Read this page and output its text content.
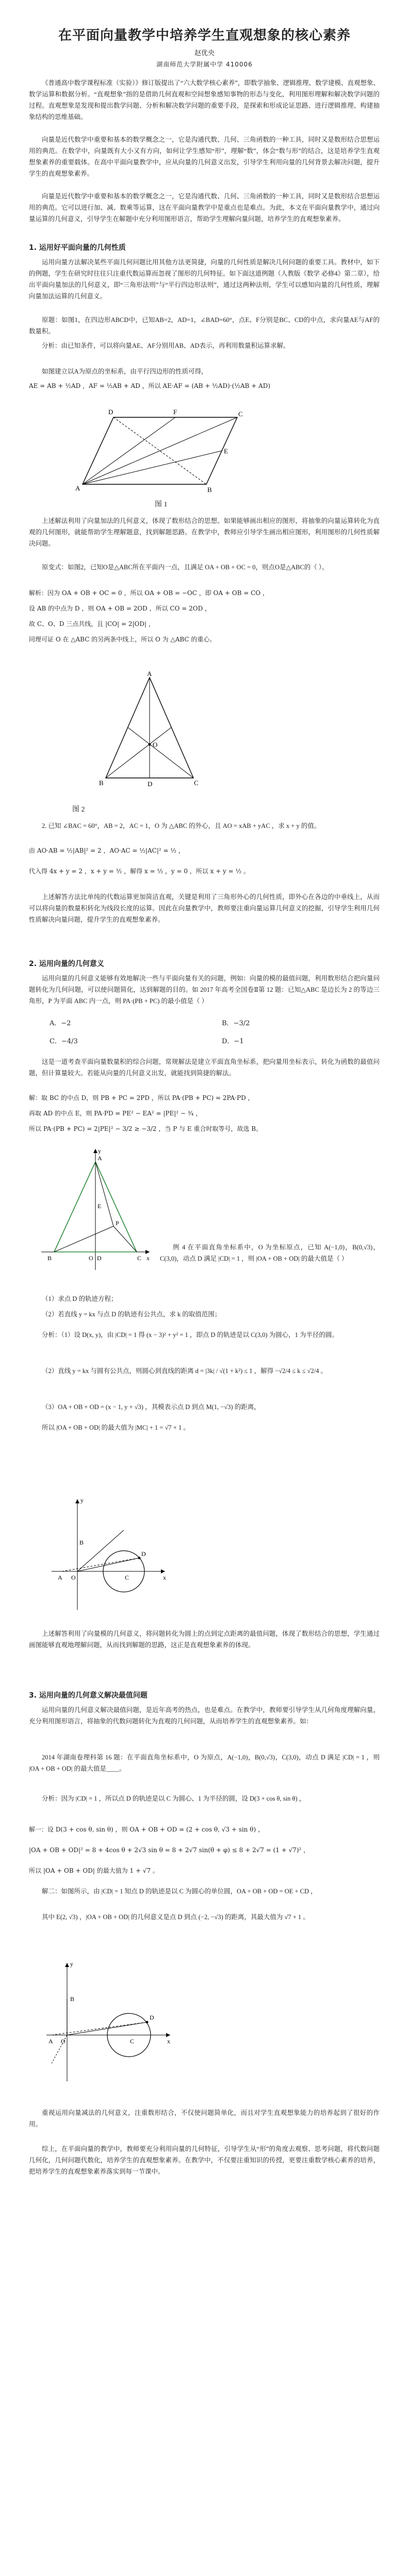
在平面向量教学中培养学生直观想象的核心素养
赵优央
湖南师范大学附属中学 410006
《普通高中数学课程标准（实验）》修订版提出了“六大数学核心素养”，即数学抽象、逻辑推理、数学建模、直观想象、数学运算和数据分析。“直观想象”指的是借助几何直观和空间想象感知事物的形态与变化，利用图形理解和解决数学问题的过程。直观想象是发现和提出数学问题、分析和解决数学问题的重要手段，是探索和形成论证思路、进行逻辑推理、构建抽象结构的思维基础。
向量是近代数学中重要和基本的数学概念之一，它是沟通代数、几何、三角函数的一种工具，同时又是数形结合思想运用的典范。在数学中，向量既有大小又有方向，如何让学生感知“形”，理解“数”，体会“数与形”的结合，这是培养学生直观想象素养的重要载体。在高中平面向量教学中，应从向量的几何意义出发，引导学生利用向量的几何背景去解决问题，提升学生的直观想象素养。
向量是近代数学中重要和基本的数学概念之一，它是沟通代数、几何、三角函数的一种工具，同时又是数形结合思想运用的典范。它可以进行加、减、数乘等运算，这在平面向量教学中是重点也是难点。为此，本文在平面向量教学中，通过向量运算的几何意义，引导学生在解题中充分利用图形语言，帮助学生理解向量问题，培养学生的直观想象素养。
1. 运用好平面向量的几何性质
运用向量方法解决某些平面几何问题比用其他方法更简捷，向量的几何性质是解决几何问题的重要工具。教材中，如下的例题，学生在研究时往往只注重代数运算而忽视了图形的几何特征。如下面这道例题（人教版《数学 必修4》第二章），给出平面向量加法的几何意义，即“三角形法则”与“平行四边形法则”，通过这两种法则，学生可以感知向量的几何性质，理解向量加法运算的几何意义。
原题：如图1，在四边形ABCD中，已知AB=2，AD=1，∠BAD=60°，点E、F分别是BC、CD的中点，求向量AE与AF的数量积。
分析：由已知条件，可以将向量AE、AF分别用AB、AD表示，再利用数量积运算求解。
如图建立以A为原点的坐标系，由平行四边形的性质可得，
AE = AB + ½AD ，AF = ½AB + AD ，所以 AE·AF = (AB + ½AD)·(½AB + AD)
A	B
C
D
E
F
图 1
上述解法利用了向量加法的几何意义，体现了数形结合的思想。如果能够画出相应的图形，将抽象的向量运算转化为直观的几何图形，就能帮助学生理解题意，找到解题思路。在教学中，教师应引导学生画出相应图形，利用图形的几何性质解决问题。
原变式：如图2，已知O是△ABC所在平面内一点，且满足 OA + OB + OC = 0，则点O是△ABC的（ ）。
解析：因为 OA + OB + OC = 0 ，所以 OA + OB = −OC ，即 OA + OB = CO ，
设 AB 的中点为 D ，则 OA + OB = 2OD ，所以 CO = 2OD ，
故 C、O、D 三点共线，且 |CO| = 2|OD| ，
同理可证 O 在 △ABC 的另两条中线上，所以 O 为 △ABC 的重心。
A
B	C
O
D
图 2
2. 已知 ∠BAC = 60°，AB = 2，AC = 1，O 为 △ABC 的外心，且 AO = xAB + yAC ，求 x + y 的值。
由 AO·AB = ½|AB|² = 2 ，AO·AC = ½|AC|² = ½ ，
代入得 4x + y = 2 ，x + y = ½ ，解得 x = ½ ，y = 0 ，所以 x + y = ½ 。
上述解答方法比单纯的代数运算更加简洁直观，关键是利用了三角形外心的几何性质，即外心在各边的中垂线上，从而可以将向量的数量积转化为线段长度的运算。因此在向量教学中，教师要注重向量运算几何意义的挖掘，引导学生利用几何性质解决向量问题，提升学生的直观想象素养。
2. 运用向量的几何意义
运用向量的几何意义能够有效地解决一些与平面向量有关的问题，例如：向量的模的最值问题，利用数形结合把向量问题转化为几何问题，可以使问题简化，达到解题的目的。如 2017 年高考全国卷Ⅱ第 12 题：已知△ABC 是边长为 2 的等边三角形，P 为平面 ABC 内一点，则 PA·(PB + PC) 的最小值是（ ）
A．−2	B．−3/2
C．−4/3	D．−1
这是一道考查平面向量数量积的综合问题，常规解法是建立平面直角坐标系，把向量用坐标表示，转化为函数的最值问题，但计算量较大。若能从向量的几何意义出发，就能找到简捷的解法。
解：取 BC 的中点 D，则 PB + PC = 2PD ，所以 PA·(PB + PC) = 2PA·PD ，
再取 AD 的中点 E，则 PA·PD = PE² − EA² = |PE|² − ¾ ，
所以 PA·(PB + PC) = 2|PE|² − 3/2 ≥ −3/2 ，当 P 与 E 重合时取等号，故选 B。
A
B	C
P
D
E
x
y
O
例 4 在平面直角坐标系中，O 为坐标原点，已知 A(−1,0)，B(0,√3)，C(3,0)，动点 D 满足 |CD| = 1 ，则 |OA + OB + OD| 的最大值是（ ）
（1）求点 D 的轨迹方程；
（2）若直线 y = kx 与点 D 的轨迹有公共点，求 k 的取值范围；
分析：（1）设 D(x, y)，由 |CD| = 1 得 (x − 3)² + y² = 1 ，即点 D 的轨迹是以 C(3,0) 为圆心，1 为半径的圆。
（2）直线 y = kx 与圆有公共点，则圆心到直线的距离 d = |3k| / √(1 + k²) ≤ 1 ，解得 −√2/4 ≤ k ≤ √2/4 。
（3）OA + OB + OD = (x − 1, y + √3) ，其模表示点 D 到点 M(1, −√3) 的距离，
所以 |OA + OB + OD| 的最大值为 |MC| + 1 = √7 + 1 。
x
y
O
A
B
C
D
上述解答利用了向量模的几何意义，将问题转化为圆上的点到定点距离的最值问题，体现了数形结合的思想，学生通过画图能够直观地理解问题，从而找到解题的思路，这正是直观想象素养的体现。
3. 运用向量的几何意义解决最值问题
运用向量的几何意义解决最值问题，是近年高考的热点，也是难点。在教学中，教师要引导学生从几何角度理解向量，充分利用图形语言，将抽象的代数问题转化为直观的几何问题，从而培养学生的直观想象素养。如：
2014 年湖南卷理科第 16 题：在平面直角坐标系中，O 为原点，A(−1,0)，B(0,√3)，C(3,0)，动点 D 满足 |CD| = 1 ，则 |OA + OB + OD| 的最大值是____。
分析：因为 |CD| = 1 ，所以点 D 的轨迹是以 C 为圆心、1 为半径的圆，设 D(3 + cos θ, sin θ) ，
解一：设 D(3 + cos θ, sin θ) ，则 OA + OB + OD = (2 + cos θ, √3 + sin θ) ，
|OA + OB + OD|² = 8 + 4cos θ + 2√3 sin θ = 8 + 2√7 sin(θ + φ) ≤ 8 + 2√7 = (1 + √7)² ，
所以 |OA + OB + OD| 的最大值为 1 + √7 。
解二：如图所示，由 |CD| = 1 知点 D 的轨迹是以 C 为圆心的单位圆，OA + OB + OD = OE + CD ，
其中 E(2, √3) ，|OA + OB + OD| 的几何意义是点 D 到点 (−2, −√3) 的距离，其最大值为 √7 + 1 。
x
y
O
A
B
C
D
重视运用向量减法的几何意义，注重数形结合，不仅使问题简单化，而且对学生直观想象能力的培养起到了很好的作用。
综上，在平面向量的教学中，教师要充分利用向量的几何特征，引导学生从“形”的角度去观察、思考问题，将代数问题几何化，几何问题代数化，培养学生的直观想象素养。在教学中，不仅要注重知识的传授，更要注重数学核心素养的培养，把培养学生的直观想象素养落实到每一节课中。
